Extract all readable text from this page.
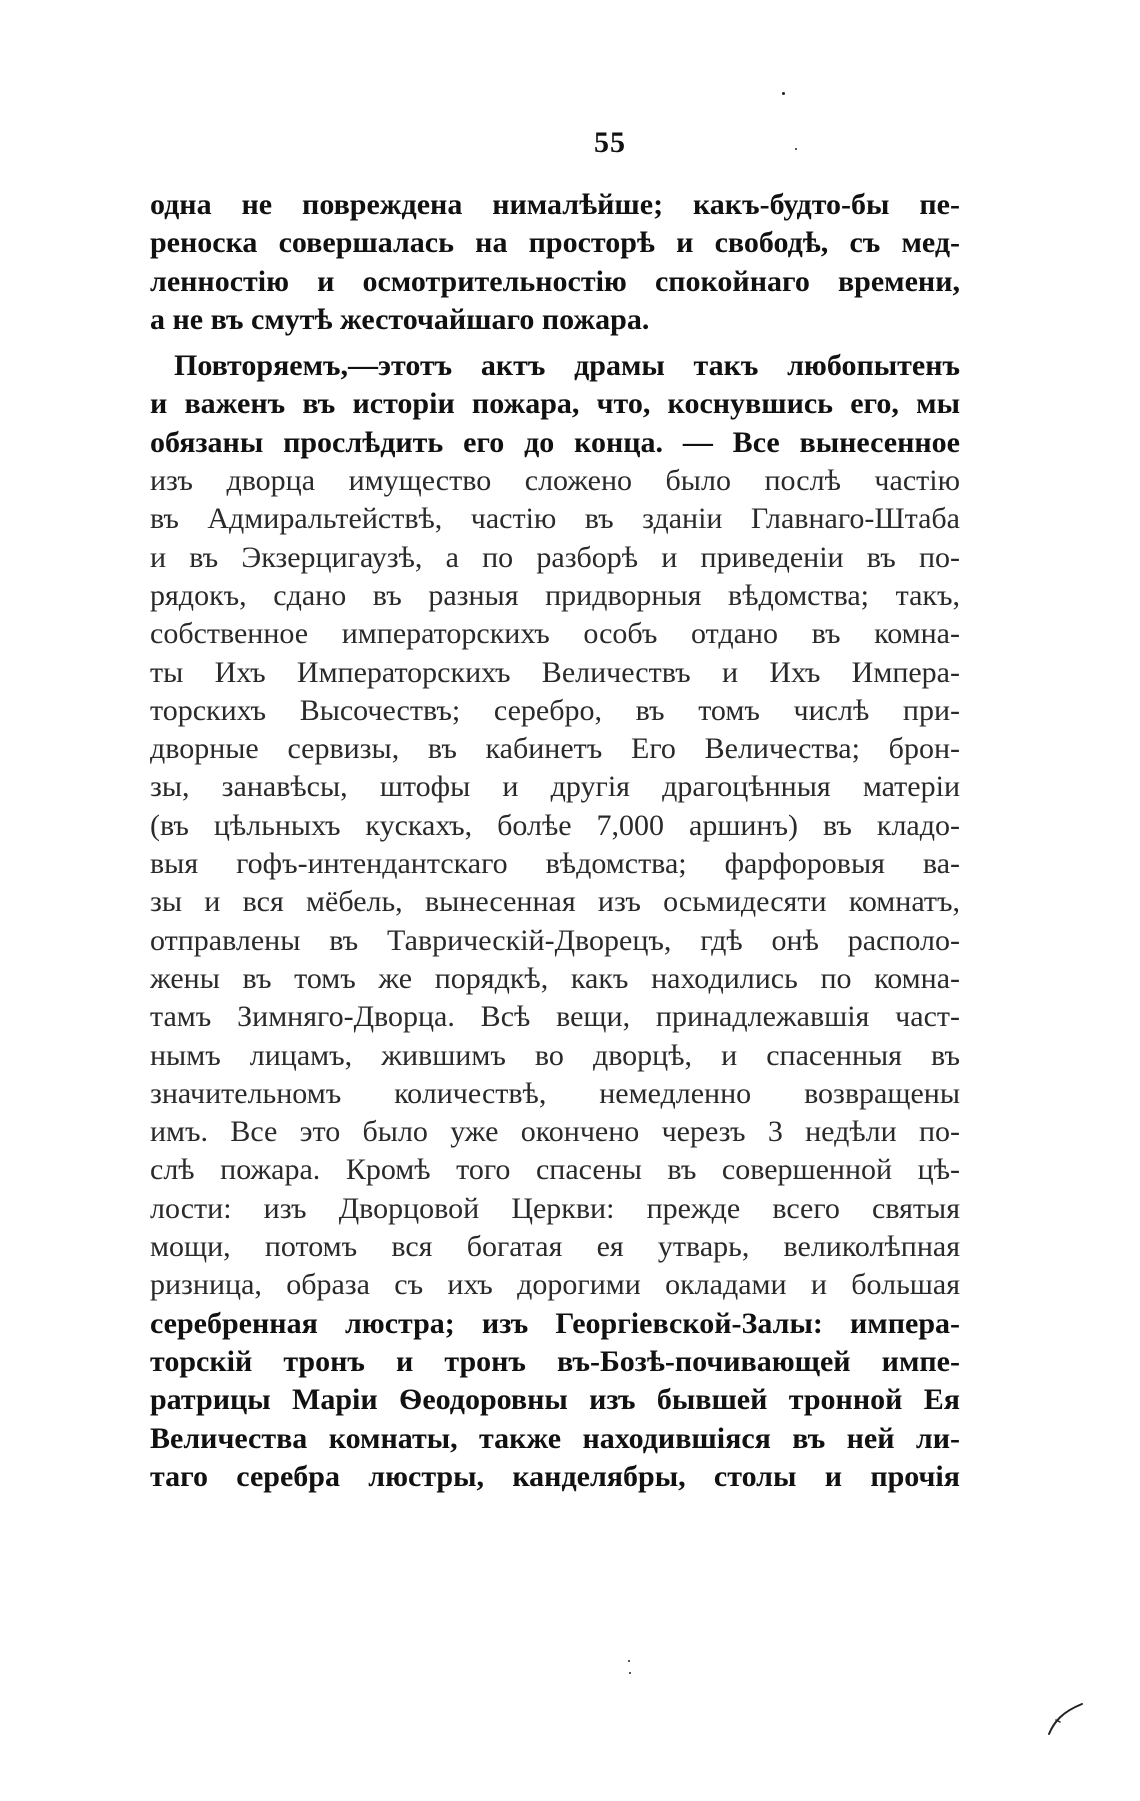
55
одна не повреждена нималѣйше; какъ-будто-бы пе-
реноска совершалась на просторѣ и свободѣ, съ мед-
ленностію и осмотрительностію спокойнаго времени,
а не въ смутѣ жесточайшаго пожара.
Повторяемъ,—этотъ актъ драмы такъ любопытенъ
и важенъ въ исторіи пожара, что, коснувшись его, мы
обязаны прослѣдить его до конца. — Все вынесенное
изъ дворца имущество сложено было послѣ частію
въ Адмиральтействѣ, частію въ зданіи Главнаго-Штаба
и въ Экзерцигаузѣ, а по разборѣ и приведеніи въ по-
рядокъ, сдано въ разныя придворныя вѣдомства; такъ,
собственное императорскихъ особъ отдано въ комна-
ты Ихъ Императорскихъ Величествъ и Ихъ Импера-
торскихъ Высочествъ; серебро, въ томъ числѣ при-
дворные сервизы, въ кабинетъ Его Величества; брон-
зы, занавѣсы, штофы и другія драгоцѣнныя матеріи
(въ цѣльныхъ кускахъ, болѣе 7,000 аршинъ) въ кладо-
выя гофъ-интендантскаго вѣдомства; фарфоровыя ва-
зы и вся мёбель, вынесенная изъ осьмидесяти комнатъ,
отправлены въ Таврическій-Дворецъ, гдѣ онѣ располо-
жены въ томъ же порядкѣ, какъ находились по комна-
тамъ Зимняго-Дворца. Всѣ вещи, принадлежавшія част-
нымъ лицамъ, жившимъ во дворцѣ, и спасенныя въ
значительномъ количествѣ, немедленно возвращены
имъ. Все это было уже окончено черезъ 3 недѣли по-
слѣ пожара. Кромѣ того спасены въ совершенной цѣ-
лости: изъ Дворцовой Церкви: прежде всего святыя
мощи, потомъ вся богатая ея утварь, великолѣпная
ризница, образа съ ихъ дорогими окладами и большая
серебренная люстра; изъ Георгіевской-Залы: импера-
торскій тронъ и тронъ въ-Бозѣ-почивающей импе-
ратрицы Маріи Ѳеодоровны изъ бывшей тронной Ея
Величества комнаты, также находившіяся въ ней ли-
таго серебра люстры, канделябры, столы и прочія
